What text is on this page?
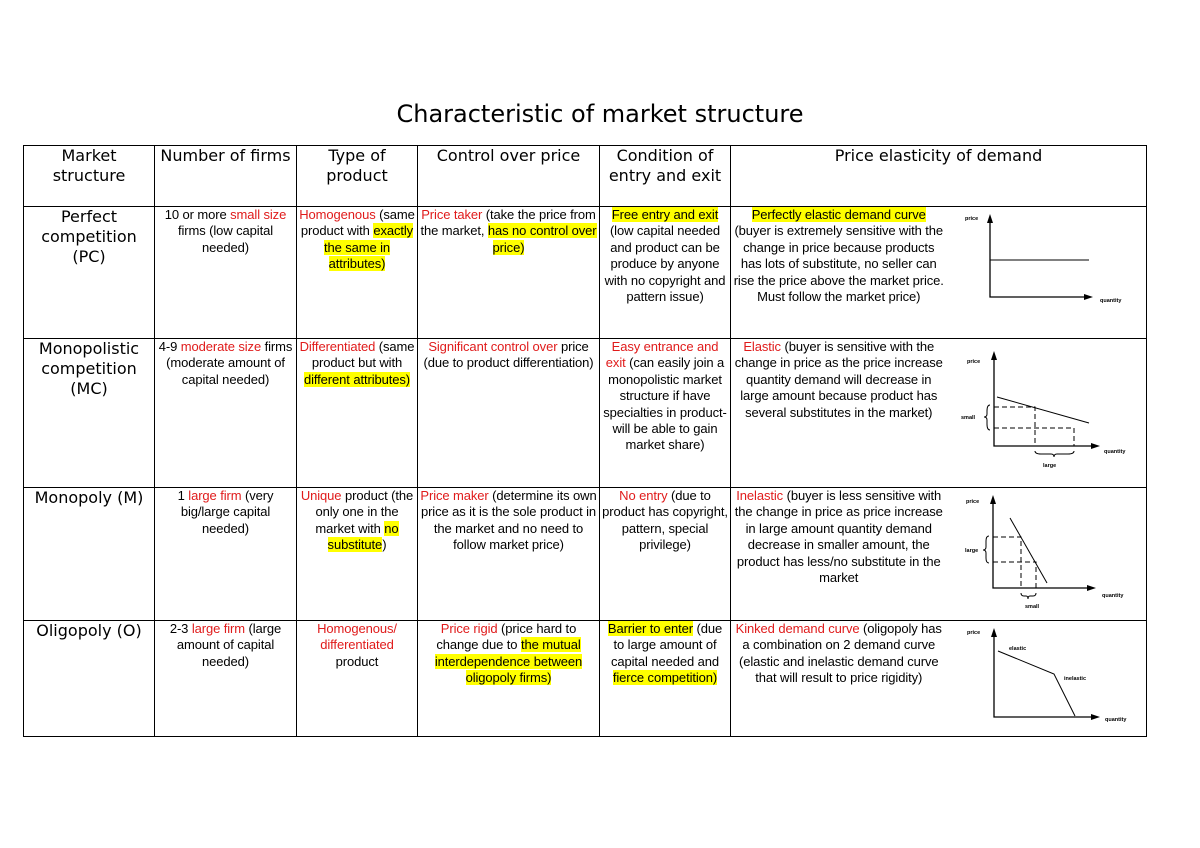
Characteristic of market structure
Market structure	Number of firms	Type of product	Control over price	Condition of entry and exit	Price elasticity of demand	
Perfect competition (PC)	10 or more small size firms (low capital needed)	Homogenous (same product with exactly the same in attributes)	Price taker (take the price from the market, has no control over price)	Free entry and exit (low capital needed and product can be produce by anyone with no copyright and pattern issue)	Perfectly elastic demand curve (buyer is extremely sensitive with the change in price because products has lots of substitute, no seller can rise the price above the market price. Must follow the market price)	price
quantity

Monopolistic competition (MC)	4-9 moderate size firms (moderate amount of capital needed)	Differentiated (same product but with different attributes)	Significant control over price (due to product differentiation)	Easy entrance and exit (can easily join a monopolistic market structure if have specialties in product-will be able to gain market share)	Elastic (buyer is sensitive with the change in price as the price increase quantity demand will decrease in large amount because product has several substitutes in the market)	price
quantity
small
large

Monopoly (M)	1 large firm (very big/large capital needed)	Unique product (the only one in the market with no substitute)	Price maker (determine its own price as it is the sole product in the market and no need to follow market price)	No entry (due to product has copyright, pattern, special privilege)	Inelastic (buyer is less sensitive with the change in price as price increase in large amount quantity demand decrease in smaller amount, the product has less/no substitute in the market	price
quantity
large
small

Oligopoly (O)	2-3 large firm (large amount of capital needed)	Homogenous/ differentiated product	Price rigid (price hard to change due to the mutual interdependence between oligopoly firms)	Barrier to enter (due to large amount of capital needed and fierce competition)	Kinked demand curve (oligopoly has a combination on 2 demand curve (elastic and inelastic demand curve that will result to price rigidity)	price
quantity
elastic
inelastic
